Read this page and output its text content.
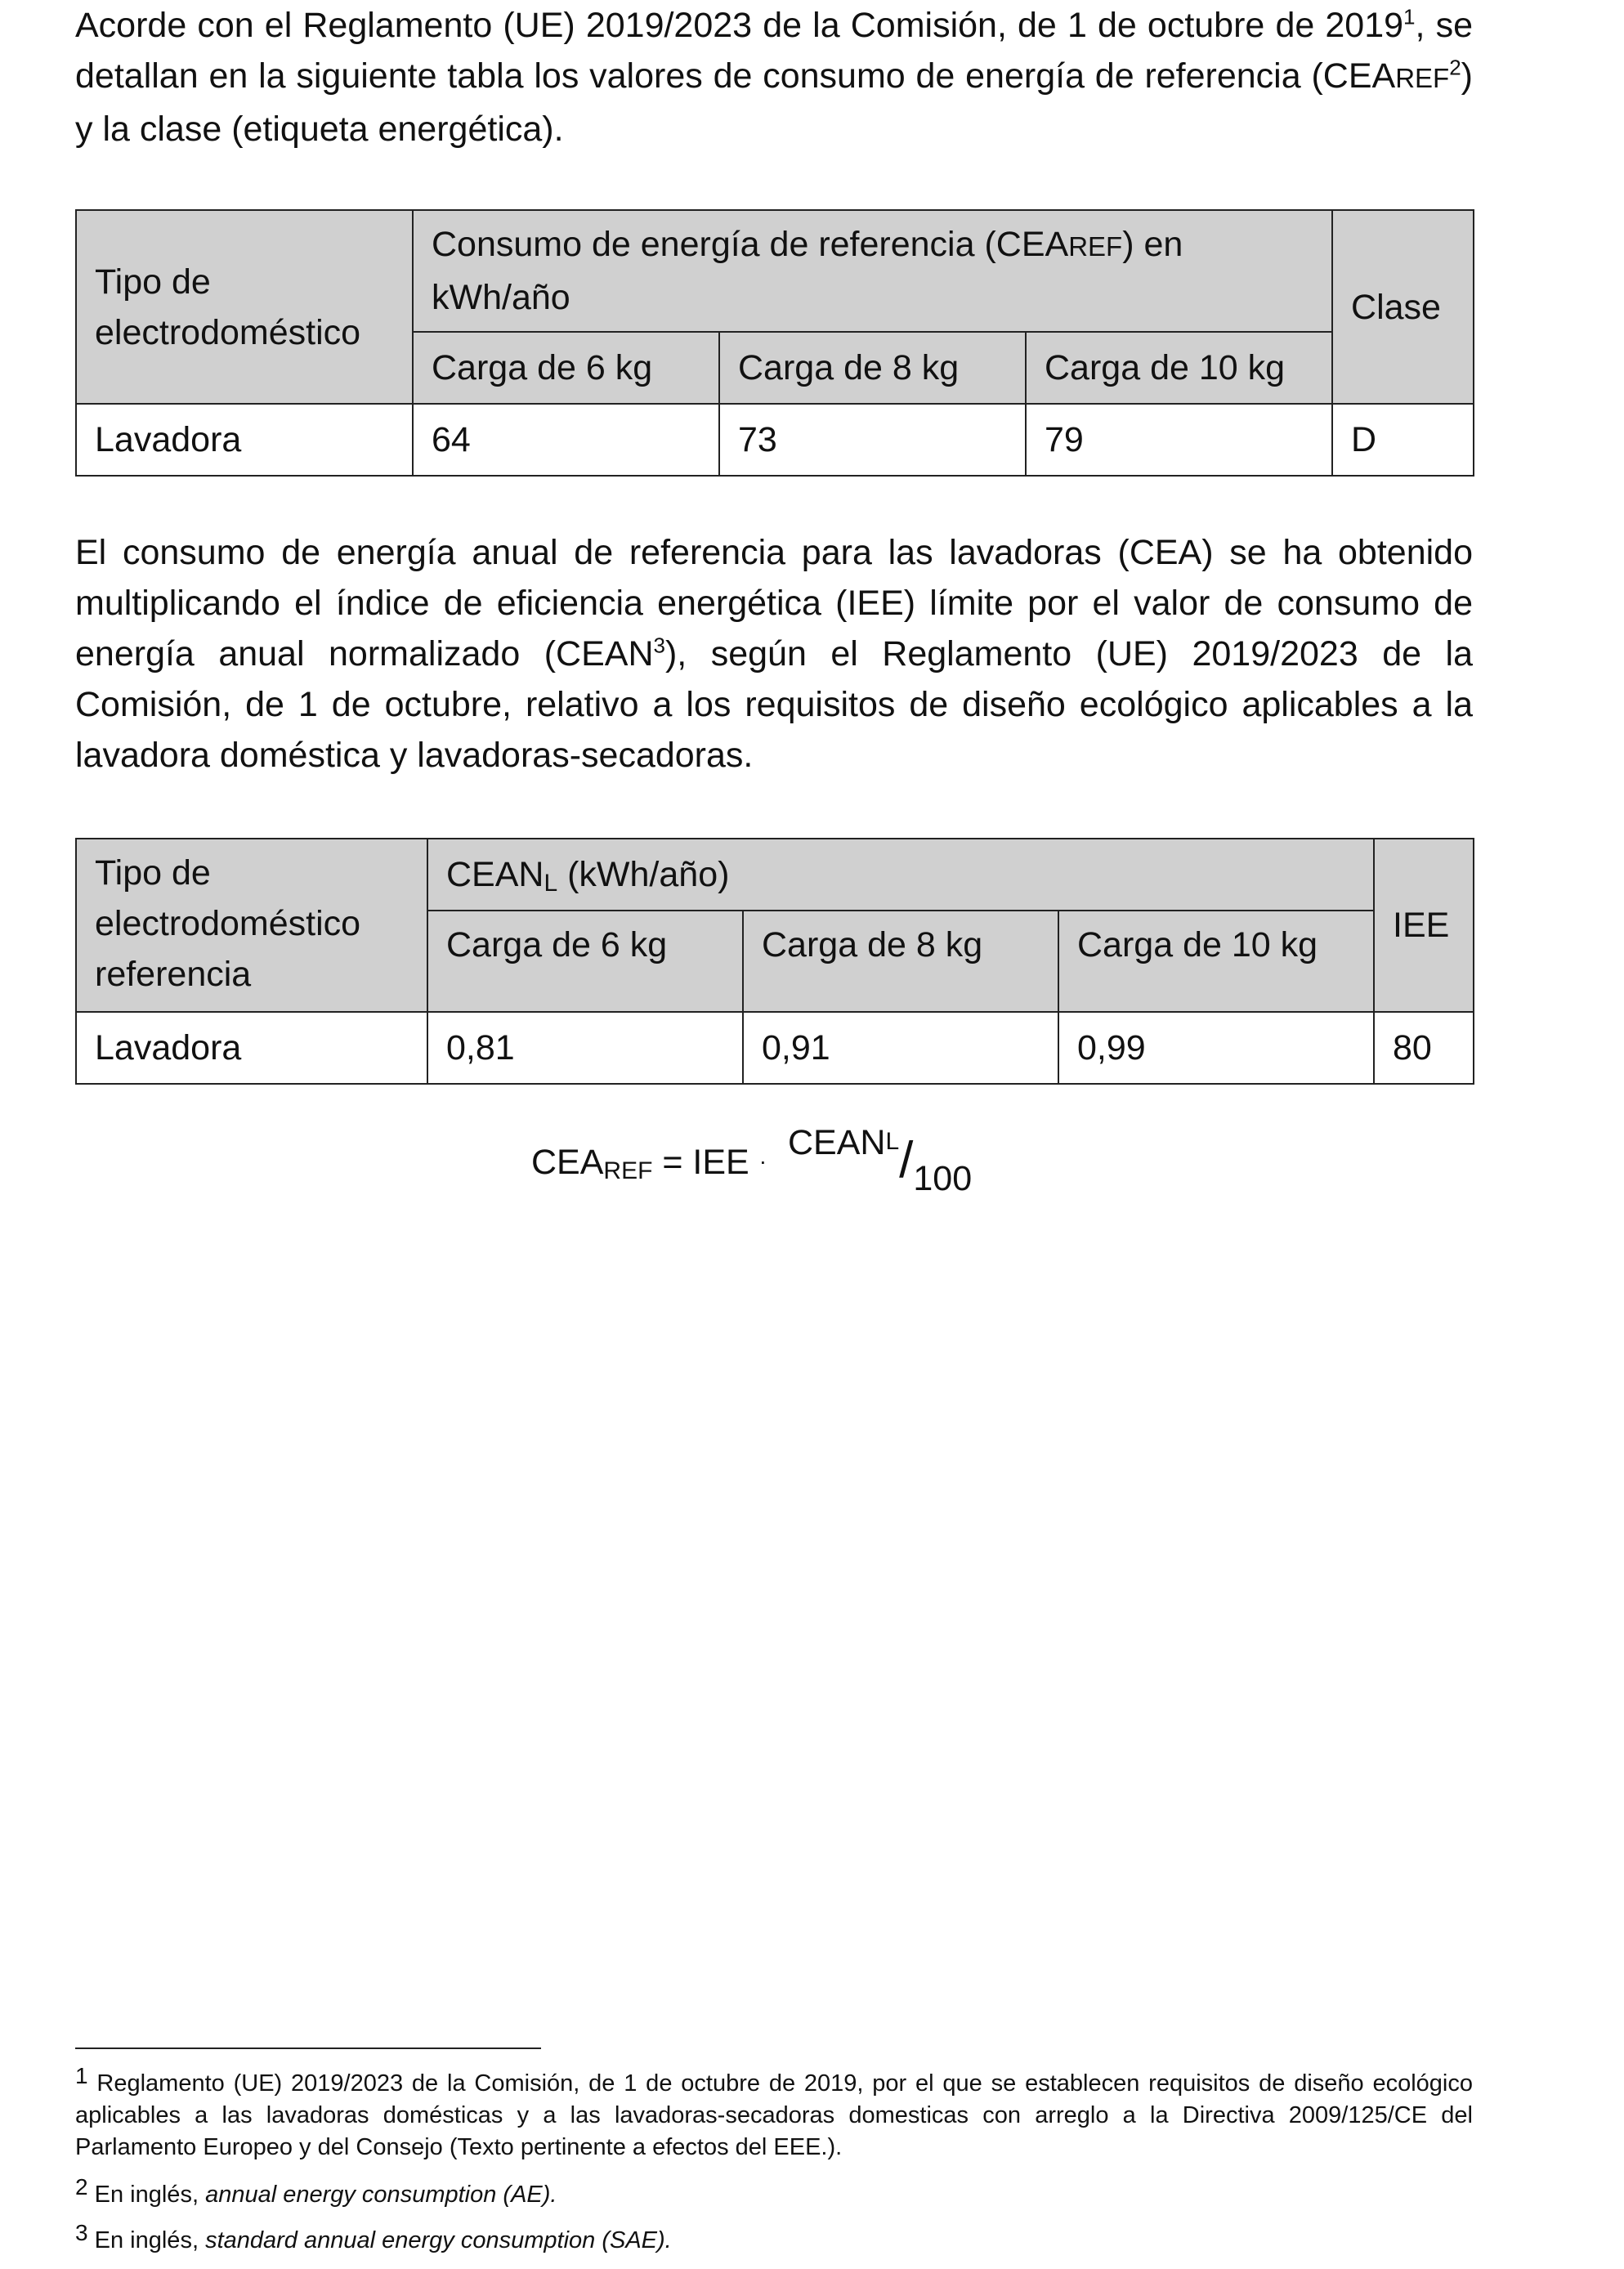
Acorde con el Reglamento (UE) 2019/2023 de la Comisión, de 1 de octubre de 2019$^1$, se detallan en la siguiente tabla los valores de consumo de energía de referencia (CEAREF$^2$) y la clase (etiqueta energética).

Tipo de electrodoméstico	Consumo de energía de referencia (CEAREF) en kWh/año			Clase
	Carga de 6 kg	Carga de 8 kg	Carga de 10 kg	
Lavadora	64	73	79	D

El consumo de energía anual de referencia para las lavadoras (CEA) se ha obtenido multiplicando el índice de eficiencia energética (IEE) límite por el valor de consumo de energía anual normalizado (CEAN$^3$), según el Reglamento (UE) 2019/2023 de la Comisión, de 1 de octubre, relativo a los requisitos de diseño ecológico aplicables a la lavadora doméstica y lavadoras-secadoras.

Tipo de electrodoméstico referencia	$CEAN_L$ (kWh/año)			IEE
	Carga de 6 kg	Carga de 8 kg	Carga de 10 kg	
Lavadora	0,81	0,91	0,99	80
$CEA_{REF}$ = IEE · $CEAN_L/100$
$^1$ Reglamento (UE) 2019/2023 de la Comisión, de 1 de octubre de 2019, por el que se establecen requisitos de diseño ecológico aplicables a las lavadoras domésticas y a las lavadoras-secadoras domesticas con arreglo a la Directiva 2009/125/CE del Parlamento Europeo y del Consejo (Texto pertinente a efectos del EEE.).
$^2$ En inglés, annual energy consumption (AE).
$^3$ En inglés, standard annual energy consumption (SAE).
